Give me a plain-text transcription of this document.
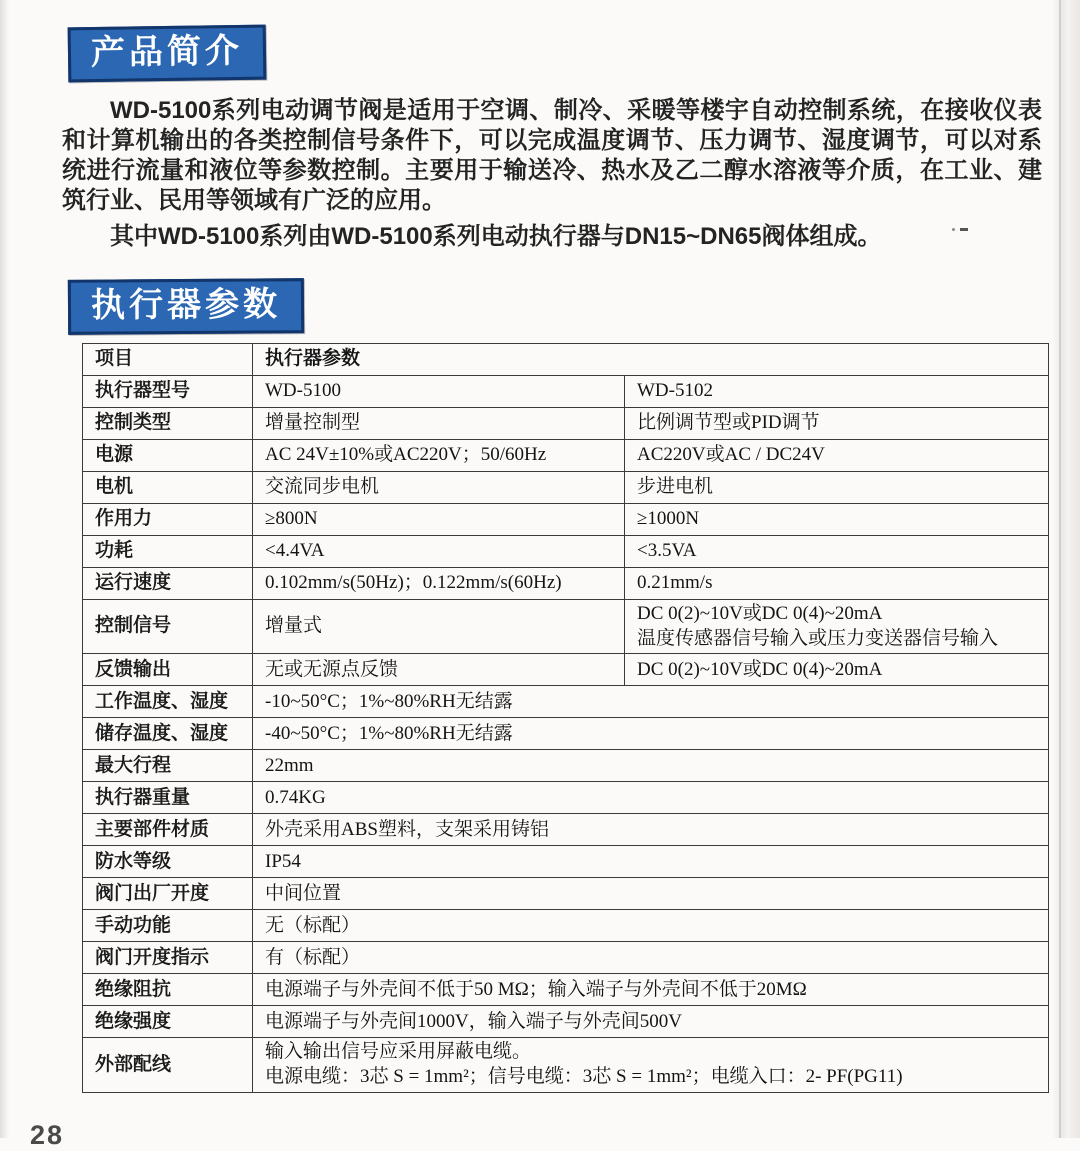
产品简介

WD-5100系列电动调节阀是适用于空调、制冷、采暖等楼宇自动控制系统，在接收仪表和计算机输出的各类控制信号条件下，可以完成温度调节、压力调节、湿度调节，可以对系统进行流量和液位等参数控制。主要用于输送冷、热水及乙二醇水溶液等介质，在工业、建筑行业、民用等领域有广泛的应用。

其中WD-5100系列由WD-5100系列电动执行器与DN15~DN65阀体组成。

执行器参数
项目	执行器参数	
执行器型号	WD-5100	WD-5102
控制类型	增量控制型	比例调节型或PID调节
电源	AC 24V±10%或AC220V；50/60Hz	AC220V或AC / DC24V
电机	交流同步电机	步进电机
作用力	≥800N	≥1000N
功耗	<4.4VA	<3.5VA
运行速度	0.102mm/s(50Hz)；0.122mm/s(60Hz)	0.21mm/s
控制信号	增量式	DC 0(2)~10V或DC 0(4)~20mA
温度传感器信号输入或压力变送器信号输入

反馈输出	无或无源点反馈	DC 0(2)~10V或DC 0(4)~20mA
工作温度、湿度	-10~50°C；1%~80%RH无结露	
储存温度、湿度	-40~50°C；1%~80%RH无结露	
最大行程	22mm	
执行器重量	0.74KG	
主要部件材质	外壳采用ABS塑料，支架采用铸铝	
防水等级	IP54	
阀门出厂开度	中间位置	
手动功能	无（标配）	
阀门开度指示	有（标配）	
绝缘阻抗	电源端子与外壳间不低于50 MΩ；输入端子与外壳间不低于20MΩ	
绝缘强度	电源端子与外壳间1000V，输入端子与外壳间500V	
外部配线	输入输出信号应采用屏蔽电缆。
电源电缆：3芯 S = 1mm²；信号电缆：3芯 S = 1mm²；电缆入口：2- PF(PG11)	
28
